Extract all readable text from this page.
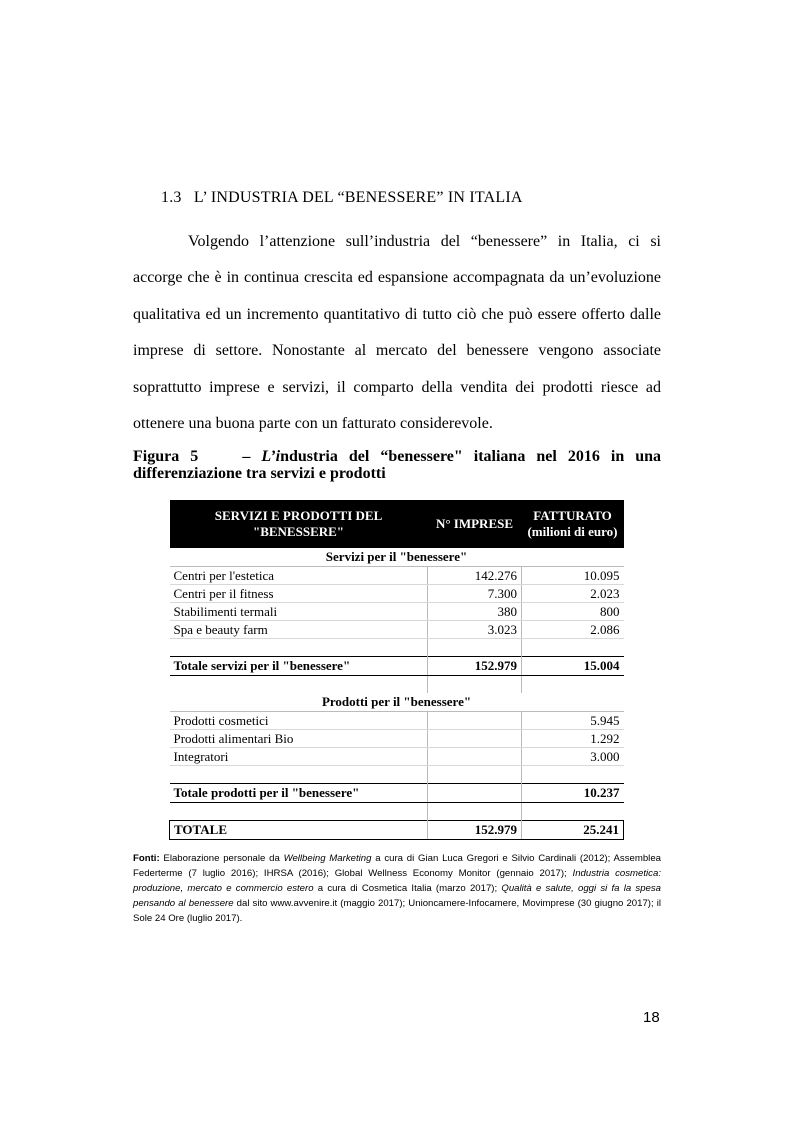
1.3 L’ INDUSTRIA DEL “BENESSERE” IN ITALIA

Volgendo l’attenzione sull’industria del “benessere” in Italia, ci si accorge che è in continua crescita ed espansione accompagnata da un’evoluzione qualitativa ed un incremento quantitativo di tutto ciò che può essere offerto dalle imprese di settore. Nonostante al mercato del benessere vengono associate soprattutto imprese e servizi, il comparto della vendita dei prodotti riesce ad ottenere una buona parte con un fatturato considerevole.

Figura 5	– L’industria del “benessere" italiana nel 2016 in una differenziazione tra servizi e prodotti
SERVIZI E PRODOTTI DEL "BENESSERE"	N° IMPRESE	FATTURATO (milioni di euro)
Servizi per il "benessere"		
Centri per l'estetica	142.276	10.095
Centri per il fitness	7.300	2.023
Stabilimenti termali	380	800
Spa e beauty farm	3.023	2.086

Totale servizi per il "benessere"	152.979	15.004

Prodotti per il "benessere"		
Prodotti cosmetici		5.945
Prodotti alimentari Bio		1.292
Integratori		3.000

Totale prodotti per il "benessere"		10.237

TOTALE	152.979	25.241
Fonti: Elaborazione personale da Wellbeing Marketing a cura di Gian Luca Gregori e Silvio Cardinali (2012); Assemblea Federterme (7 luglio 2016); IHRSA (2016); Global Wellness Economy Monitor (gennaio 2017); Industria cosmetica: produzione, mercato e commercio estero a cura di Cosmetica Italia (marzo 2017); Qualità e salute, oggi si fa la spesa pensando al benessere dal sito www.avvenire.it (maggio 2017); Unioncamere-Infocamere, Movimprese (30 giugno 2017); il Sole 24 Ore (luglio 2017).
18
